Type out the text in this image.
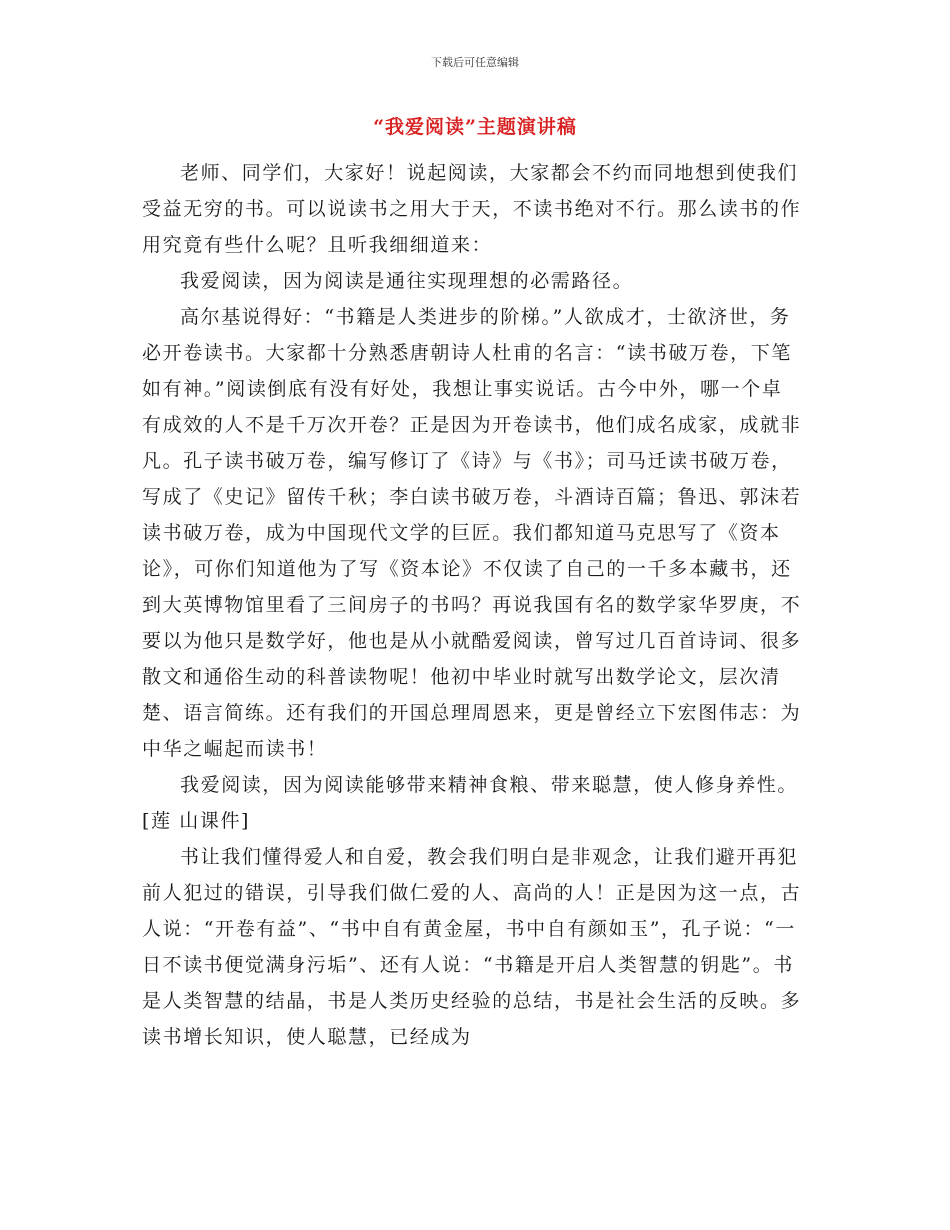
下载后可任意编辑
“我爱阅读”主题演讲稿

老师、同学们，大家好！说起阅读，大家都会不约而同地想到使我们受益无穷的书。可以说读书之用大于天，不读书绝对不行。那么读书的作用究竟有些什么呢？且听我细细道来：

我爱阅读，因为阅读是通往实现理想的必需路径。

高尔基说得好：“书籍是人类进步的阶梯。”人欲成才，士欲济世，务必开卷读书。大家都十分熟悉唐朝诗人杜甫的名言：“读书破万卷，下笔如有神。”阅读倒底有没有好处，我想让事实说话。古今中外，哪一个卓有成效的人不是千万次开卷？正是因为开卷读书，他们成名成家，成就非凡。孔子读书破万卷，编写修订了《诗》与《书》；司马迁读书破万卷，写成了《史记》留传千秋；李白读书破万卷，斗酒诗百篇；鲁迅、郭沫若读书破万卷，成为中国现代文学的巨匠。我们都知道马克思写了《资本论》，可你们知道他为了写《资本论》不仅读了自己的一千多本藏书，还到大英博物馆里看了三间房子的书吗？再说我国有名的数学家华罗庚，不要以为他只是数学好，他也是从小就酷爱阅读，曾写过几百首诗词、很多散文和通俗生动的科普读物呢！他初中毕业时就写出数学论文，层次清楚、语言简练。还有我们的开国总理周恩来，更是曾经立下宏图伟志：为中华之崛起而读书！

我爱阅读，因为阅读能够带来精神食粮、带来聪慧，使人修身养性。[莲 山课件]

书让我们懂得爱人和自爱，教会我们明白是非观念，让我们避开再犯前人犯过的错误，引导我们做仁爱的人、高尚的人！正是因为这一点，古人说：“开卷有益”、“书中自有黄金屋，书中自有颜如玉”，孔子说：“一日不读书便觉满身污垢”、还有人说：“书籍是开启人类智慧的钥匙”。书是人类智慧的结晶，书是人类历史经验的总结，书是社会生活的反映。多读书增长知识，使人聪慧，已经成为
